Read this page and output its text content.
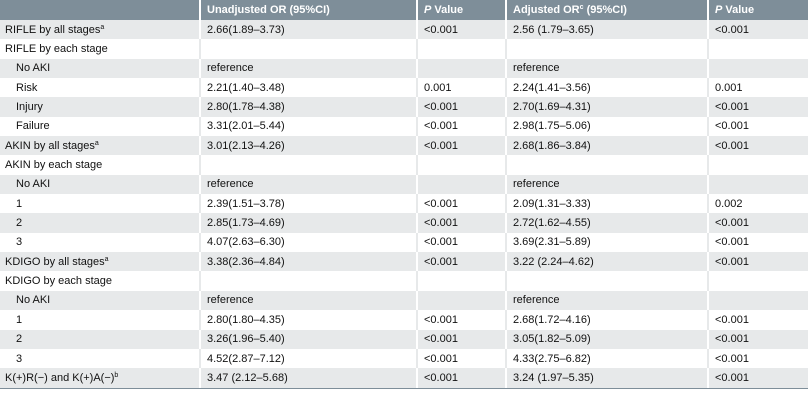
	Unadjusted OR (95%CI)	P Value	Adjusted $OR^c$ (95%CI)	P Value
RIFLE by all stages$^a$	2.66(1.89–3.73)	<0.001	2.56 (1.79–3.65)	<0.001
RIFLE by each stage				
No AKI	reference		reference	
Risk	2.21(1.40–3.48)	0.001	2.24(1.41–3.56)	0.001
Injury	2.80(1.78–4.38)	<0.001	2.70(1.69–4.31)	<0.001
Failure	3.31(2.01–5.44)	<0.001	2.98(1.75–5.06)	<0.001
AKIN by all stages$^a$	3.01(2.13–4.26)	<0.001	2.68(1.86–3.84)	<0.001
AKIN by each stage				
No AKI	reference		reference	
1	2.39(1.51–3.78)	<0.001	2.09(1.31–3.33)	0.002
2	2.85(1.73–4.69)	<0.001	2.72(1.62–4.55)	<0.001
3	4.07(2.63–6.30)	<0.001	3.69(2.31–5.89)	<0.001
KDIGO by all stages$^a$	3.38(2.36–4.84)	<0.001	3.22 (2.24–4.62)	<0.001
KDIGO by each stage				
No AKI	reference		reference	
1	2.80(1.80–4.35)	<0.001	2.68(1.72–4.16)	<0.001
2	3.26(1.96–5.40)	<0.001	3.05(1.82–5.09)	<0.001
3	4.52(2.87–7.12)	<0.001	4.33(2.75–6.82)	<0.001
K(+)R(−) and $K(+)A(-)^b$	3.47 (2.12–5.68)	<0.001	3.24 (1.97–5.35)	<0.001
